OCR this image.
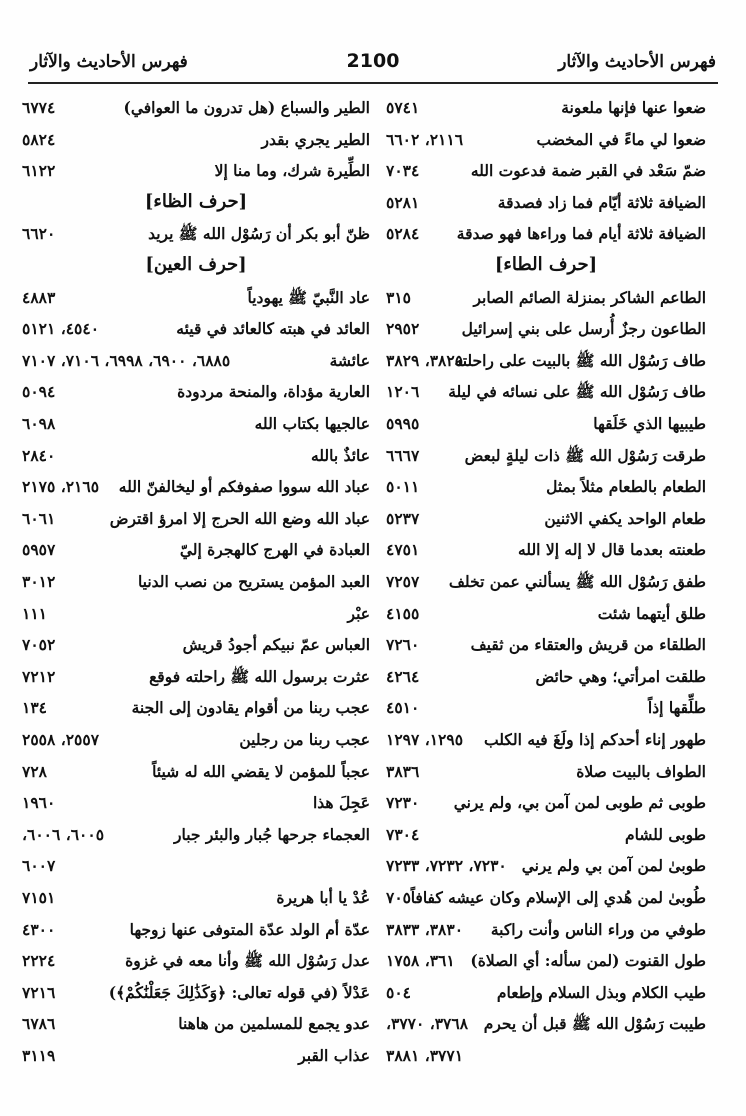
فهرس الأحاديث والآثار
2100
فهرس الأحاديث والآثار
ضعوا عنها فإنها ملعونة
٥٧٤١
ضعوا لي ماءً في المخضب
٢١١٦، ٦٦٠٢
ضمّ سَعْد في القبر ضمة فدعوت الله
٧٠٣٤
الضيافة ثلاثة أيّام فما زاد فصدقة
٥٢٨١
الضيافة ثلاثة أيام فما وراءها فهو صدقة
٥٢٨٤
[حرف الطاء]
الطاعم الشاكر بمنزلة الصائم الصابر
٣١٥
الطاعون رجزٌ أُرسل على بني إسرائيل
٢٩٥٢
طاف رَسُوْل الله ﷺ بالبيت على راحلته
٣٨٢٥، ٣٨٢٩
طاف رَسُوْل الله ﷺ على نسائه في ليلة
١٢٠٦
طيبيها الذي خَلَقها
٥٩٩٥
طرقت رَسُوْل الله ﷺ ذات ليلةٍ لبعض
٦٦٦٧
الطعام بالطعام مثلاً بمثل
٥٠١١
طعام الواحد يكفي الاثنين
٥٢٣٧
طعنته بعدما قال لا إله إلا الله
٤٧٥١
طفق رَسُوْل الله ﷺ يسألني عمن تخلف
٧٢٥٧
طلق أيتهما شئت
٤١٥٥
الطلقاء من قريش والعتقاء من ثقيف
٧٢٦٠
طلقت امرأتي؛ وهي حائض
٤٢٦٤
طلِّقها إذاً
٤٥١٠
طهور إناء أحدكم إذا ولَغَ فيه الكلب
١٢٩٥، ١٢٩٧
الطواف بالبيت صلاة
٣٨٣٦
طوبى ثم طوبى لمن آمن بي، ولم يرني
٧٢٣٠
طوبى للشام
٧٣٠٤
طوبىٰ لمن آمن بي ولم يرني
٧٢٣٠، ٧٢٣٢، ٧٢٣٣
طُوبىٰ لمن هُدي إلى الإسلام وكان عيشه كفافاً
٧٠٥
طوفي من وراء الناس وأنت راكبة
٣٨٣٠، ٣٨٣٣
طول القنوت (لمن سأله: أي الصلاة)
٣٦١، ١٧٥٨
طيب الكلام وبذل السلام وإطعام
٥٠٤
طيبت رَسُوْل الله ﷺ قبل أن يحرم
٣٧٦٨، ٣٧٧٠،
٣٧٧١، ٣٨٨١
الطير والسباع (هل تدرون ما العوافي)
٦٧٧٤
الطير يجري بقدر
٥٨٢٤
الطِّيرة شرك، وما منا إلا
٦١٢٢
[حرف الظاء]
ظنّ أبو بكر أن رَسُوْل الله ﷺ يريد
٦٦٢٠
[حرف العين]
عاد النَّبيّ ﷺ يهودياً
٤٨٨٣
العائد في هبته كالعائد في قيئه
٤٥٤٠، ٥١٢١
عائشة
٦٨٨٥، ٦٩٠٠، ٦٩٩٨، ٧١٠٦، ٧١٠٧
العارية مؤداة، والمنحة مردودة
٥٠٩٤
عالجيها بكتاب الله
٦٠٩٨
عائذٌ بالله
٢٨٤٠
عباد الله سووا صفوفكم أو ليخالفنّ الله
٢١٦٥، ٢١٧٥
عباد الله وضع الله الحرج إلا امرؤ اقترض
٦٠٦١
العبادة في الهرج كالهجرة إليّ
٥٩٥٧
العبد المؤمن يستريح من نصب الدنيا
٣٠١٢
عبْر
١١١
العباس عمّ نبيكم أجودُ قريش
٧٠٥٢
عثرت برسول الله ﷺ راحلته فوقع
٧٢١٢
عجب ربنا من أقوام يقادون إلى الجنة
١٣٤
عجب ربنا من رجلين
٢٥٥٧، ٢٥٥٨
عجباً للمؤمن لا يقضي الله له شيئاً
٧٢٨
عَجِلَ هذا
١٩٦٠
العجماء جرحها جُبار والبئر جبار
٦٠٠٥، ٦٠٠٦،
٦٠٠٧
عُدْ يا أبا هريرة
٧١٥١
عدّة أم الولد عدّة المتوفى عنها زوجها
٤٣٠٠
عدل رَسُوْل الله ﷺ وأنا معه في غزوة
٢٢٢٤
عَدْلاً (في قوله تعالى: ﴿وَكَذَٰلِكَ جَعَلْنَٰكُمْ﴾)
٧٢١٦
عدو يجمع للمسلمين من هاهنا
٦٧٨٦
عذاب القبر
٣١١٩
